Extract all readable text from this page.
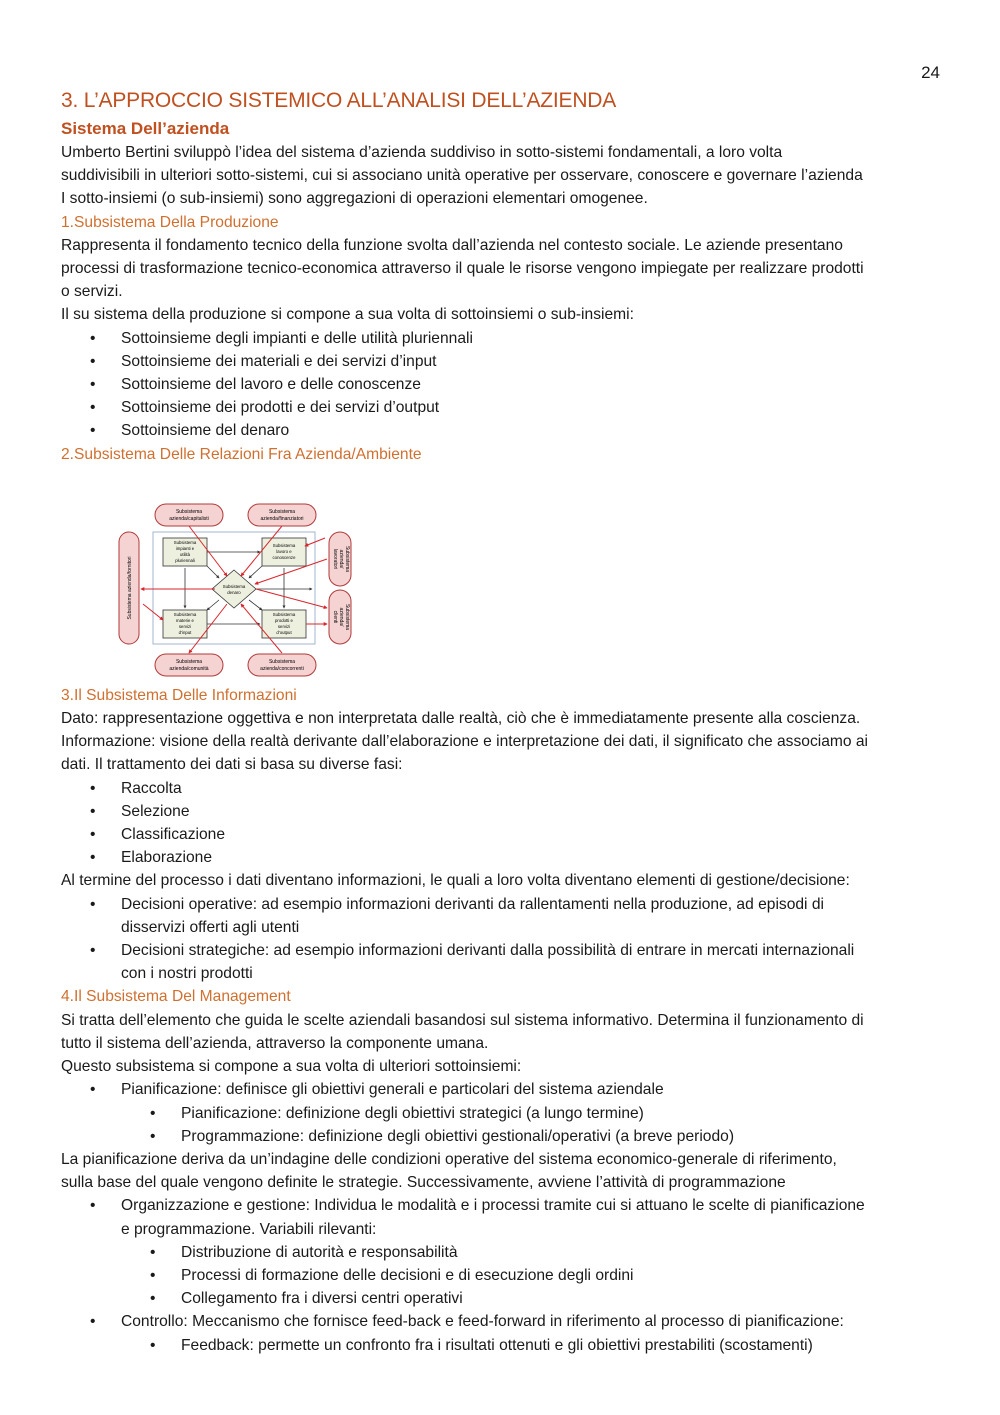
24
3. L’APPROCCIO SISTEMICO ALL’ANALISI DELL’AZIENDA
Sistema Dell’azienda

Umberto Bertini sviluppò l’idea del sistema d’azienda suddiviso in sotto-sistemi fondamentali, a loro volta

suddivisibili in ulteriori sotto-sistemi, cui si associano unità operative per osservare, conoscere e governare l’azienda

I sotto-insiemi (o sub-insiemi) sono aggregazioni di operazioni elementari omogenee.

1.Subsistema Della Produzione

Rappresenta il fondamento tecnico della funzione svolta dall’azienda nel contesto sociale. Le aziende presentano

processi di trasformazione tecnico-economica attraverso il quale le risorse vengono impiegate per realizzare prodotti

o servizi.

Il su sistema della produzione si compone a sua volta di sottoinsiemi o sub-insiemi:

• Sottoinsieme degli impianti e delle utilità pluriennali
• Sottoinsieme dei materiali e dei servizi d’input
• Sottoinsieme del lavoro e delle conoscenze
• Sottoinsieme dei prodotti e dei servizi d’output
• Sottoinsieme del denaro
2.Subsistema Delle Relazioni Fra Azienda/Ambiente
Subsistema
azienda/capitalisti
Subsistema
azienda/finanziatori
Subsistema
azienda/comunità
Subsistema
azienda/concorrenti
Subsistema azienda/fornitori	Subsistema
azienda/
lavoratori
Subsistema
azienda/
clienti
Subsistema
impianti e
utilità
pluriennali
Subsistema
lavoro e
conoscenze
Subsistema
materie e
servizi
d’input
Subsistema
prodotti e
servizi
d’output
Subsistema
denaro
3.Il Subsistema Delle Informazioni

Dato: rappresentazione oggettiva e non interpretata dalle realtà, ciò che è immediatamente presente alla coscienza.

Informazione: visione della realtà derivante dall’elaborazione e interpretazione dei dati, il significato che associamo ai

dati. Il trattamento dei dati si basa su diverse fasi:

• Raccolta
• Selezione
• Classificazione
• Elaborazione

Al termine del processo i dati diventano informazioni, le quali a loro volta diventano elementi di gestione/decisione:

• Decisioni operative: ad esempio informazioni derivanti da rallentamenti nella produzione, ad episodi di
disservizi offerti agli utenti
• Decisioni strategiche: ad esempio informazioni derivanti dalla possibilità di entrare in mercati internazionali
con i nostri prodotti
4.Il Subsistema Del Management

Si tratta dell’elemento che guida le scelte aziendali basandosi sul sistema informativo. Determina il funzionamento di

tutto il sistema dell’azienda, attraverso la componente umana.

Questo subsistema si compone a sua volta di ulteriori sottoinsiemi:

• Pianificazione: definisce gli obiettivi generali e particolari del sistema aziendale
• Pianificazione: definizione degli obiettivi strategici (a lungo termine)
• Programmazione: definizione degli obiettivi gestionali/operativi (a breve periodo)

La pianificazione deriva da un’indagine delle condizioni operative del sistema economico-generale di riferimento,

sulla base del quale vengono definite le strategie. Successivamente, avviene l’attività di programmazione

• Organizzazione e gestione: Individua le modalità e i processi tramite cui si attuano le scelte di pianificazione
e programmazione. Variabili rilevanti:
• Distribuzione di autorità e responsabilità
• Processi di formazione delle decisioni e di esecuzione degli ordini
• Collegamento fra i diversi centri operativi
• Controllo: Meccanismo che fornisce feed-back e feed-forward in riferimento al processo di pianificazione:
• Feedback: permette un confronto fra i risultati ottenuti e gli obiettivi prestabiliti (scostamenti)
